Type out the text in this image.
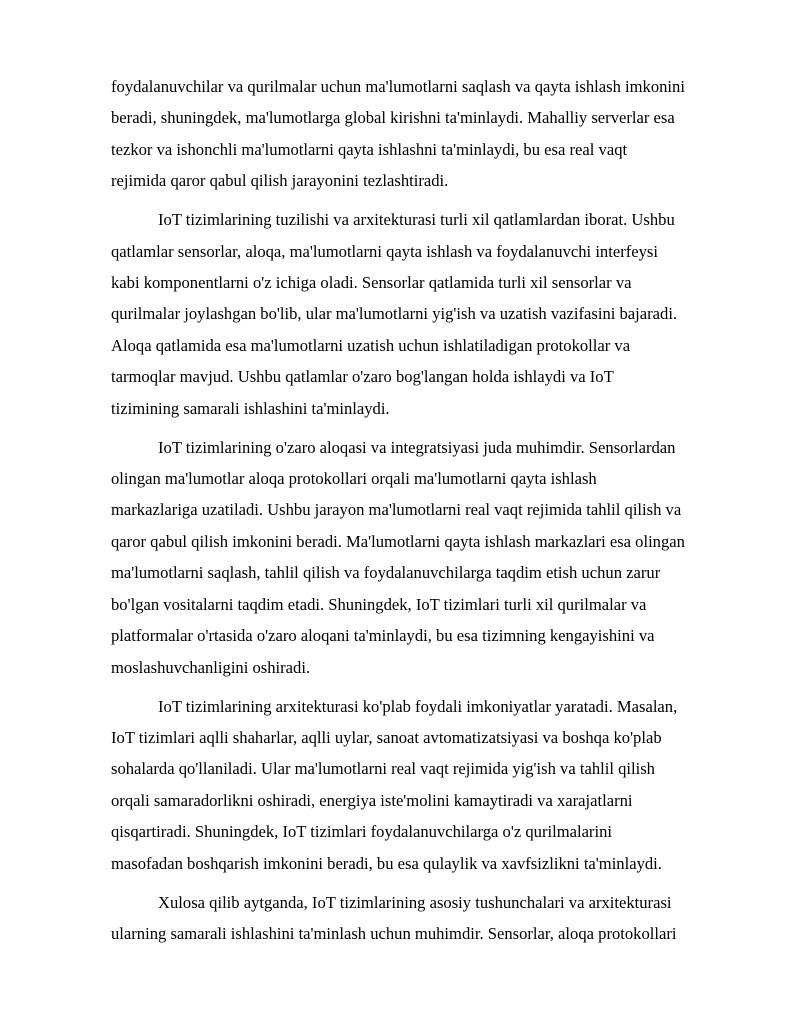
foydalanuvchilar va qurilmalar uchun ma'lumotlarni saqlash va qayta ishlash imkonini
beradi, shuningdek, ma'lumotlarga global kirishni ta'minlaydi. Mahalliy serverlar esa
tezkor va ishonchli ma'lumotlarni qayta ishlashni ta'minlaydi, bu esa real vaqt
rejimida qaror qabul qilish jarayonini tezlashtiradi.

IoT tizimlarining tuzilishi va arxitekturasi turli xil qatlamlardan iborat. Ushbu
qatlamlar sensorlar, aloqa, ma'lumotlarni qayta ishlash va foydalanuvchi interfeysi
kabi komponentlarni o'z ichiga oladi. Sensorlar qatlamida turli xil sensorlar va
qurilmalar joylashgan bo'lib, ular ma'lumotlarni yig'ish va uzatish vazifasini bajaradi.
Aloqa qatlamida esa ma'lumotlarni uzatish uchun ishlatiladigan protokollar va
tarmoqlar mavjud. Ushbu qatlamlar o'zaro bog'langan holda ishlaydi va IoT
tizimining samarali ishlashini ta'minlaydi.

IoT tizimlarining o'zaro aloqasi va integratsiyasi juda muhimdir. Sensorlardan
olingan ma'lumotlar aloqa protokollari orqali ma'lumotlarni qayta ishlash
markazlariga uzatiladi. Ushbu jarayon ma'lumotlarni real vaqt rejimida tahlil qilish va
qaror qabul qilish imkonini beradi. Ma'lumotlarni qayta ishlash markazlari esa olingan
ma'lumotlarni saqlash, tahlil qilish va foydalanuvchilarga taqdim etish uchun zarur
bo'lgan vositalarni taqdim etadi. Shuningdek, IoT tizimlari turli xil qurilmalar va
platformalar o'rtasida o'zaro aloqani ta'minlaydi, bu esa tizimning kengayishini va
moslashuvchanligini oshiradi.

IoT tizimlarining arxitekturasi ko'plab foydali imkoniyatlar yaratadi. Masalan,
IoT tizimlari aqlli shaharlar, aqlli uylar, sanoat avtomatizatsiyasi va boshqa ko'plab
sohalarda qo'llaniladi. Ular ma'lumotlarni real vaqt rejimida yig'ish va tahlil qilish
orqali samaradorlikni oshiradi, energiya iste'molini kamaytiradi va xarajatlarni
qisqartiradi. Shuningdek, IoT tizimlari foydalanuvchilarga o'z qurilmalarini
masofadan boshqarish imkonini beradi, bu esa qulaylik va xavfsizlikni ta'minlaydi.

Xulosa qilib aytganda, IoT tizimlarining asosiy tushunchalari va arxitekturasi
ularning samarali ishlashini ta'minlash uchun muhimdir. Sensorlar, aloqa protokollari
